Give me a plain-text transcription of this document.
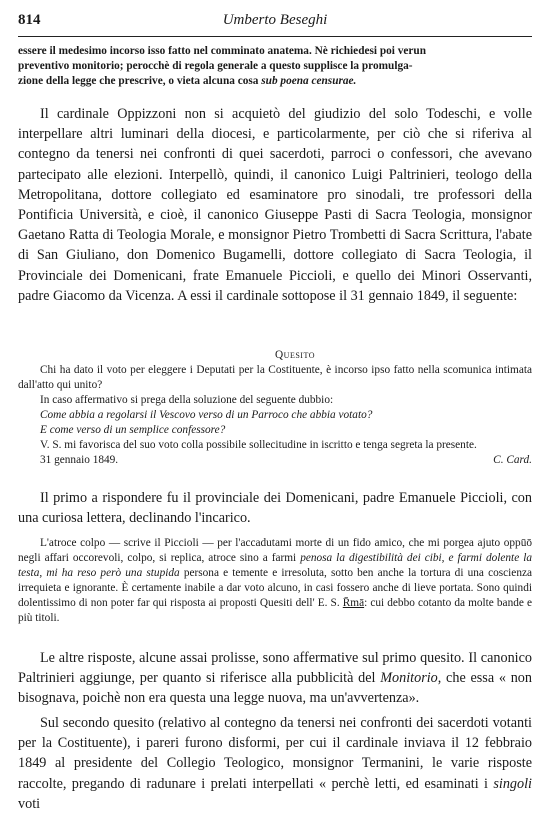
814	Umberto Beseghi

essere il medesimo incorso isso fatto nel comminato anatema. Nè richiedesi poi verun
preventivo monitorio; perocchè di regola generale a questo supplisce la promulga-
zione della legge che prescrive, o vieta alcuna cosa sub poena censurae.

Il cardinale Oppizzoni non si acquietò del giudizio del solo Todeschi, e volle interpellare altri luminari della diocesi, e particolarmente, per ciò che si riferiva al contegno da tenersi nei confronti di quei sacerdoti, parroci o confessori, che avevano partecipato alle elezioni. Interpellò, quindi, il canonico Luigi Paltrinieri, teologo della Metropolitana, dottore collegiato ed esaminatore pro sinodali, tre professori della Pontificia Università, e cioè, il canonico Giuseppe Pasti di Sacra Teologia, monsignor Gaetano Ratta di Teologia Morale, e monsignor Pietro Trombetti di Sacra Scrittura, l'abate di San Giuliano, don Domenico Bugamelli, dottore collegiato di Sacra Teologia, il Provinciale dei Domenicani, frate Emanuele Piccioli, e quello dei Minori Osservanti, padre Giacomo da Vicenza. A essi il cardinale sottopose il 31 gennaio 1849, il seguente:

Quesito

Chi ha dato il voto per eleggere i Deputati per la Costituente, è incorso ipso fatto nella scomunica intimata dall'atto qui unito?

In caso affermativo si prega della soluzione del seguente dubbio:

Come abbia a regolarsi il Vescovo verso di un Parroco che abbia votato?

E come verso di un semplice confessore?

V. S. mi favorisca del suo voto colla possibile sollecitudine in iscritto e tenga segreta la presente.

31 gennaio 1849.	C. Card.

Il primo a rispondere fu il provinciale dei Domenicani, padre Emanuele Piccioli, con una curiosa lettera, declinando l'incarico.

L'atroce colpo — scrive il Piccioli — per l'accadutami morte di un fido amico, che mi porgea ajuto oppūō negli affari occorevoli, colpo, si replica, atroce sino a farmi penosa la digestibilità dei cibi, e farmi dolente la testa, mi ha reso però una stupida persona e temente e irresoluta, sotto ben anche la tortura di una coscienza irrequieta e ignorante. È certamente inabile a dar voto alcuno, in casi fossero anche di lieve portata. Sono quindi dolentissimo di non poter far qui risposta ai proposti Quesiti dell' E. S. R̄mā: cui debbo cotanto da molte bande e più titoli.

Le altre risposte, alcune assai prolisse, sono affermative sul primo quesito. Il canonico Paltrinieri aggiunge, per quanto si riferisce alla pubblicità del Monitorio, che essa « non bisognava, poichè non era questa una legge nuova, ma un'avvertenza».

Sul secondo quesito (relativo al contegno da tenersi nei confronti dei sacerdoti votanti per la Costituente), i pareri furono disformi, per cui il cardinale inviava il 12 febbraio 1849 al presidente del Collegio Teologico, monsignor Termanini, le varie risposte raccolte, pregando di radunare i prelati interpellati « perchè letti, ed esaminati i singoli voti
